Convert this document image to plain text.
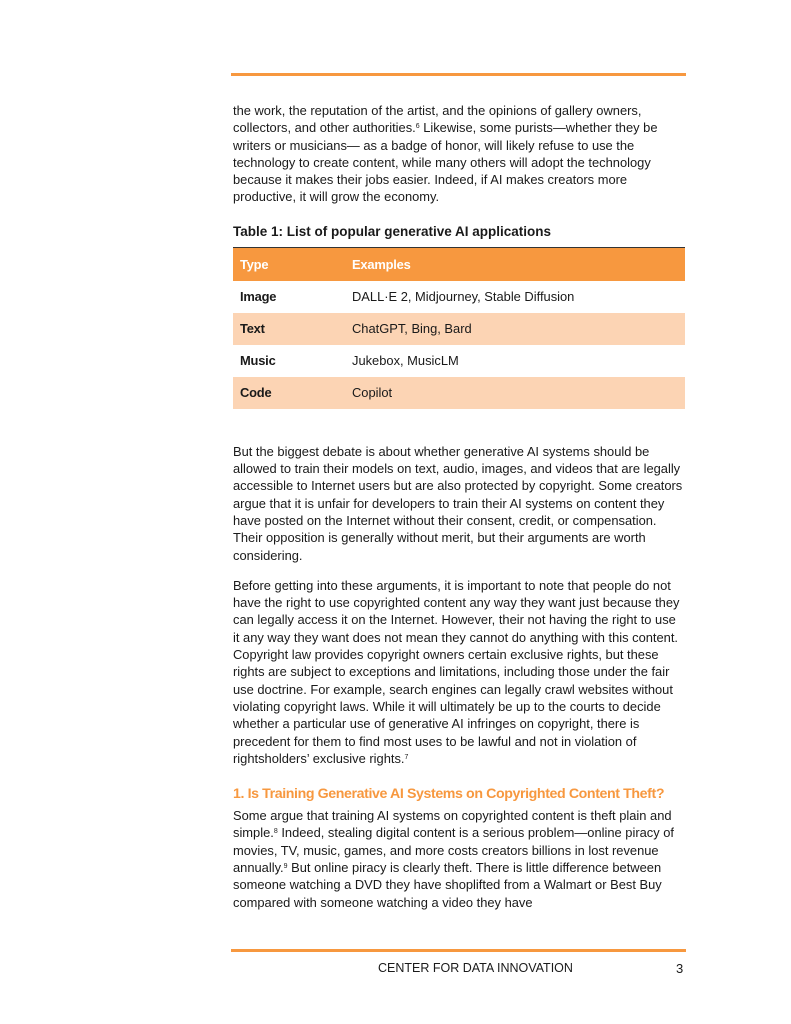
the work, the reputation of the artist, and the opinions of gallery owners, collectors, and other authorities.$^6$ Likewise, some purists—whether they be writers or musicians— as a badge of honor, will likely refuse to use the technology to create content, while many others will adopt the technology because it makes their jobs easier. Indeed, if AI makes creators more productive, it will grow the economy.

Table 1: List of popular generative AI applications
Type	Examples
Image	DALL·E 2, Midjourney, Stable Diffusion
Text	ChatGPT, Bing, Bard
Music	Jukebox, MusicLM
Code	Copilot

But the biggest debate is about whether generative AI systems should be allowed to train their models on text, audio, images, and videos that are legally accessible to Internet users but are also protected by copyright. Some creators argue that it is unfair for developers to train their AI systems on content they have posted on the Internet without their consent, credit, or compensation. Their opposition is generally without merit, but their arguments are worth considering.

Before getting into these arguments, it is important to note that people do not have the right to use copyrighted content any way they want just because they can legally access it on the Internet. However, their not having the right to use it any way they want does not mean they cannot do anything with this content. Copyright law provides copyright owners certain exclusive rights, but these rights are subject to exceptions and limitations, including those under the fair use doctrine. For example, search engines can legally crawl websites without violating copyright laws. While it will ultimately be up to the courts to decide whether a particular use of generative AI infringes on copyright, there is precedent for them to find most uses to be lawful and not in violation of rightsholders’ exclusive rights.$^7$

1. Is Training Generative AI Systems on Copyrighted Content Theft?

Some argue that training AI systems on copyrighted content is theft plain and simple.$^8$ Indeed, stealing digital content is a serious problem—online piracy of movies, TV, music, games, and more costs creators billions in lost revenue annually.$^9$ But online piracy is clearly theft. There is little difference between someone watching a DVD they have shoplifted from a Walmart or Best Buy compared with someone watching a video they have

CENTER FOR DATA INNOVATION	3
